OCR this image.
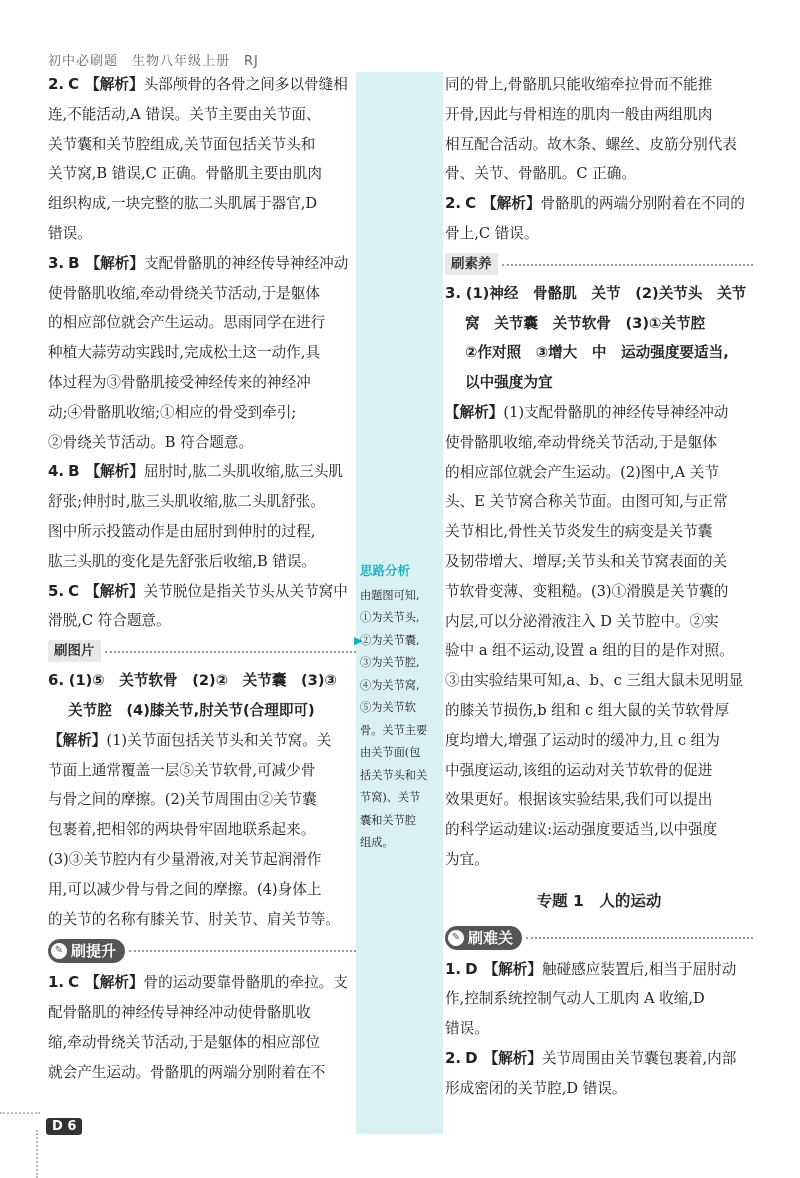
初中必刷题　生物八年级上册　RJ
2. C 【解析】头部颅骨的各骨之间多以骨缝相
连,不能活动,A 错误。关节主要由关节面、
关节囊和关节腔组成,关节面包括关节头和
关节窝,B 错误,C 正确。骨骼肌主要由肌肉
组织构成,一块完整的肱二头肌属于器官,D
错误。
3. B 【解析】支配骨骼肌的神经传导神经冲动
使骨骼肌收缩,牵动骨绕关节活动,于是躯体
的相应部位就会产生运动。思雨同学在进行
种植大蒜劳动实践时,完成松土这一动作,具
体过程为③骨骼肌接受神经传来的神经冲
动;④骨骼肌收缩;①相应的骨受到牵引;
②骨绕关节活动。B 符合题意。
4. B 【解析】屈肘时,肱二头肌收缩,肱三头肌
舒张;伸肘时,肱三头肌收缩,肱二头肌舒张。
图中所示投篮动作是由屈肘到伸肘的过程,
肱三头肌的变化是先舒张后收缩,B 错误。
5. C 【解析】关节脱位是指关节头从关节窝中
滑脱,C 符合题意。
刷图片
6. (1)⑤　关节软骨　(2)②　关节囊　(3)③
关节腔　(4)膝关节,肘关节(合理即可)
【解析】(1)关节面包括关节头和关节窝。关
节面上通常覆盖一层⑤关节软骨,可减少骨
与骨之间的摩擦。(2)关节周围由②关节囊
包裹着,把相邻的两块骨牢固地联系起来。
(3)③关节腔内有少量滑液,对关节起润滑作
用,可以减少骨与骨之间的摩擦。(4)身体上
的关节的名称有膝关节、肘关节、肩关节等。
✎ 刷提升
1. C 【解析】骨的运动要靠骨骼肌的牵拉。支
配骨骼肌的神经传导神经冲动使骨骼肌收
缩,牵动骨绕关节活动,于是躯体的相应部位
就会产生运动。骨骼肌的两端分别附着在不
▶
思路分析
由题图可知,
①为关节头,
②为关节囊,
③为关节腔,
④为关节窝,
⑤为关节软
骨。关节主要
由关节面(包
括关节头和关
节窝)、关节
囊和关节腔
组成。
同的骨上,骨骼肌只能收缩牵拉骨而不能推
开骨,因此与骨相连的肌肉一般由两组肌肉
相互配合活动。故木条、螺丝、皮筋分别代表
骨、关节、骨骼肌。C 正确。
2. C 【解析】骨骼肌的两端分别附着在不同的
骨上,C 错误。
刷素养
3. (1)神经　骨骼肌　关节　(2)关节头　关节
窝　关节囊　关节软骨　(3)①关节腔
②作对照　③增大　中　运动强度要适当,
以中强度为宜
【解析】(1)支配骨骼肌的神经传导神经冲动
使骨骼肌收缩,牵动骨绕关节活动,于是躯体
的相应部位就会产生运动。(2)图中,A 关节
头、E 关节窝合称关节面。由图可知,与正常
关节相比,骨性关节炎发生的病变是关节囊
及韧带增大、增厚;关节头和关节窝表面的关
节软骨变薄、变粗糙。(3)①滑膜是关节囊的
内层,可以分泌滑液注入 D 关节腔中。②实
验中 a 组不运动,设置 a 组的目的是作对照。
③由实验结果可知,a、b、c 三组大鼠未见明显
的膝关节损伤,b 组和 c 组大鼠的关节软骨厚
度均增大,增强了运动时的缓冲力,且 c 组为
中强度运动,该组的运动对关节软骨的促进
效果更好。根据该实验结果,我们可以提出
的科学运动建议:运动强度要适当,以中强度
为宜。
专题 1　人的运动
✎ 刷难关
1. D 【解析】触碰感应装置后,相当于屈肘动
作,控制系统控制气动人工肌肉 A 收缩,D
错误。
2. D 【解析】关节周围由关节囊包裹着,内部
形成密闭的关节腔,D 错误。
D 6
